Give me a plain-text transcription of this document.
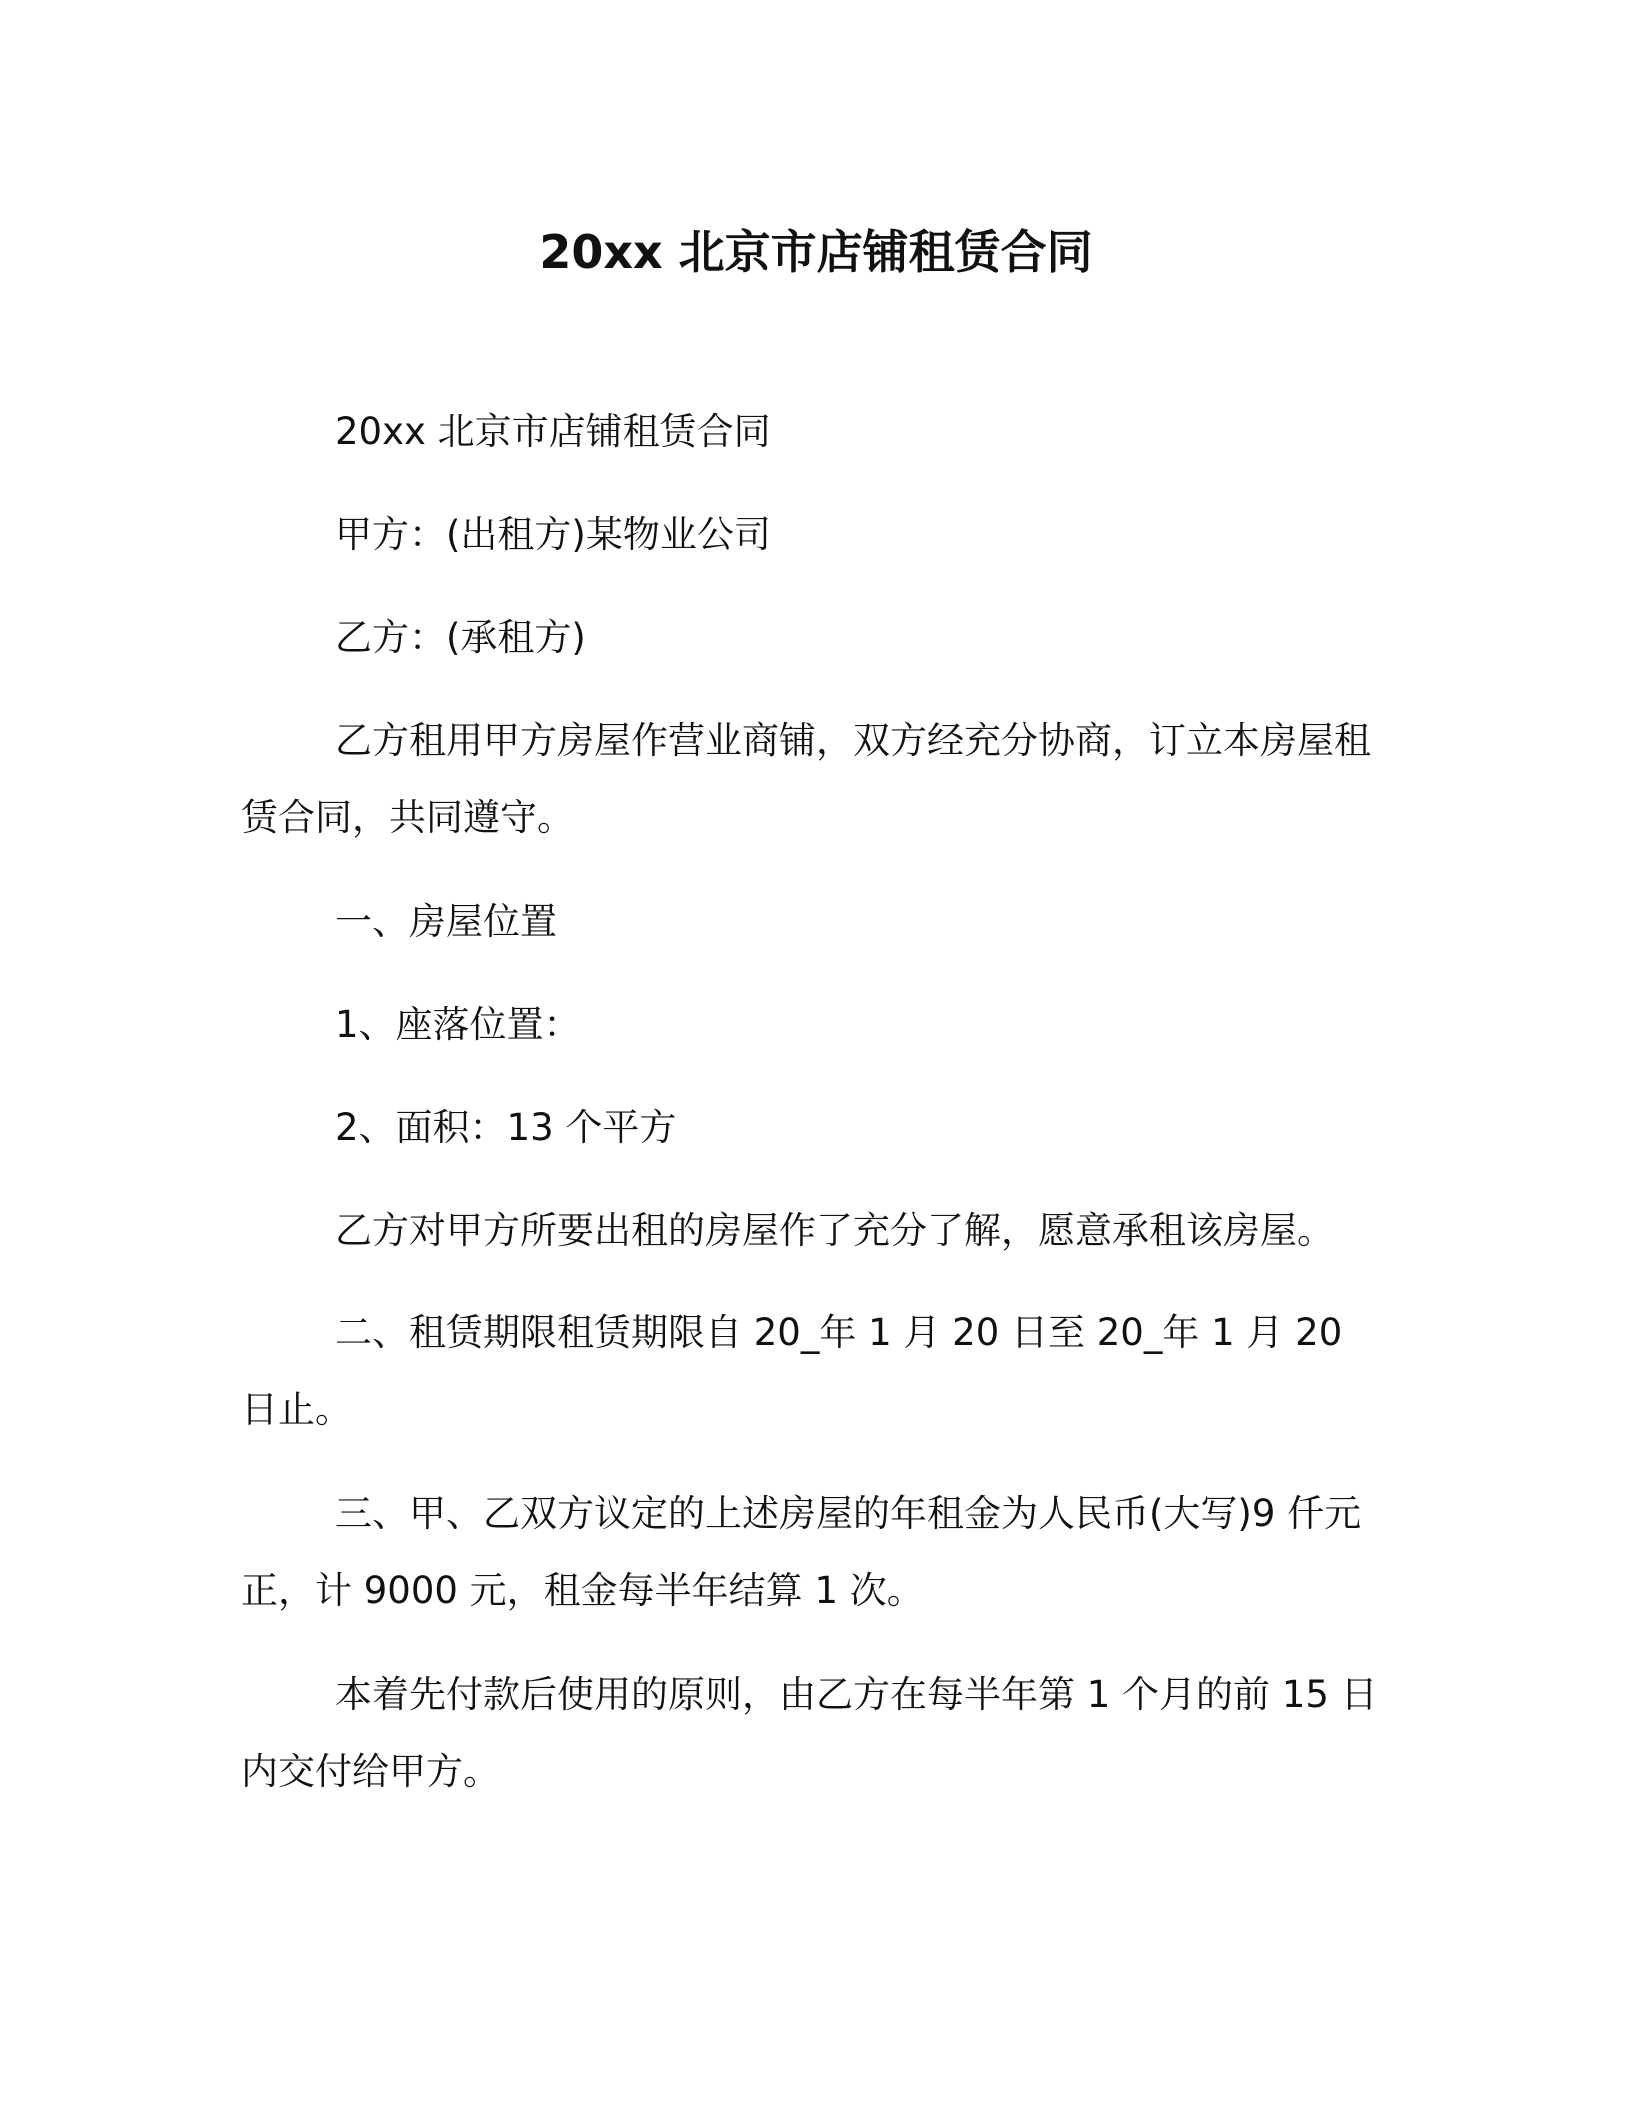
20xx 北京市店铺租赁合同

20xx 北京市店铺租赁合同

甲方：(出租方)某物业公司

乙方：(承租方)

乙方租用甲方房屋作营业商铺，双方经充分协商，订立本房屋租赁合同，共同遵守。

一、房屋位置

1、座落位置：

2、面积：13 个平方

乙方对甲方所要出租的房屋作了充分了解，愿意承租该房屋。

二、租赁期限租赁期限自 20_年 1 月 20 日至 20_年 1 月 20 日止。

三、甲、乙双方议定的上述房屋的年租金为人民币(大写)9 仟元正，计 9000 元，租金每半年结算 1 次。

本着先付款后使用的原则，由乙方在每半年第 1 个月的前 15 日内交付给甲方。
